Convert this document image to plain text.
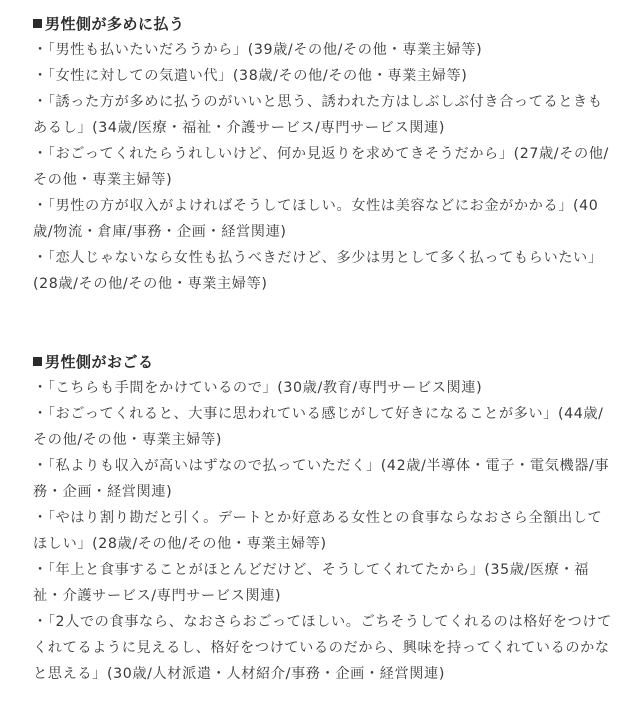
男性側が多めに払う

・「男性も払いたいだろうから」(39歳/その他/その他・専業主婦等)

・「女性に対しての気遣い代」(38歳/その他/その他・専業主婦等)

・「誘った方が多めに払うのがいいと思う、誘われた方はしぶしぶ付き合ってるときもあるし」(34歳/医療・福祉・介護サービス/専門サービス関連)

・「おごってくれたらうれしいけど、何か見返りを求めてきそうだから」(27歳/その他/その他・専業主婦等)

・「男性の方が収入がよければそうしてほしい。女性は美容などにお金がかかる」(40歳/物流・倉庫/事務・企画・経営関連)

・「恋人じゃないなら女性も払うべきだけど、多少は男として多く払ってもらいたい」(28歳/その他/その他・専業主婦等)

男性側がおごる

・「こちらも手間をかけているので」(30歳/教育/専門サービス関連)

・「おごってくれると、大事に思われている感じがして好きになることが多い」(44歳/その他/その他・専業主婦等)

・「私よりも収入が高いはずなので払っていただく」(42歳/半導体・電子・電気機器/事務・企画・経営関連)

・「やはり割り勘だと引く。デートとか好意ある女性との食事ならなおさら全額出してほしい」(28歳/その他/その他・専業主婦等)

・「年上と食事することがほとんどだけど、そうしてくれてたから」(35歳/医療・福祉・介護サービス/専門サービス関連)

・「2人での食事なら、なおさらおごってほしい。ごちそうしてくれるのは格好をつけてくれてるように見えるし、格好をつけているのだから、興味を持ってくれているのかなと思える」(30歳/人材派遣・人材紹介/事務・企画・経営関連)
